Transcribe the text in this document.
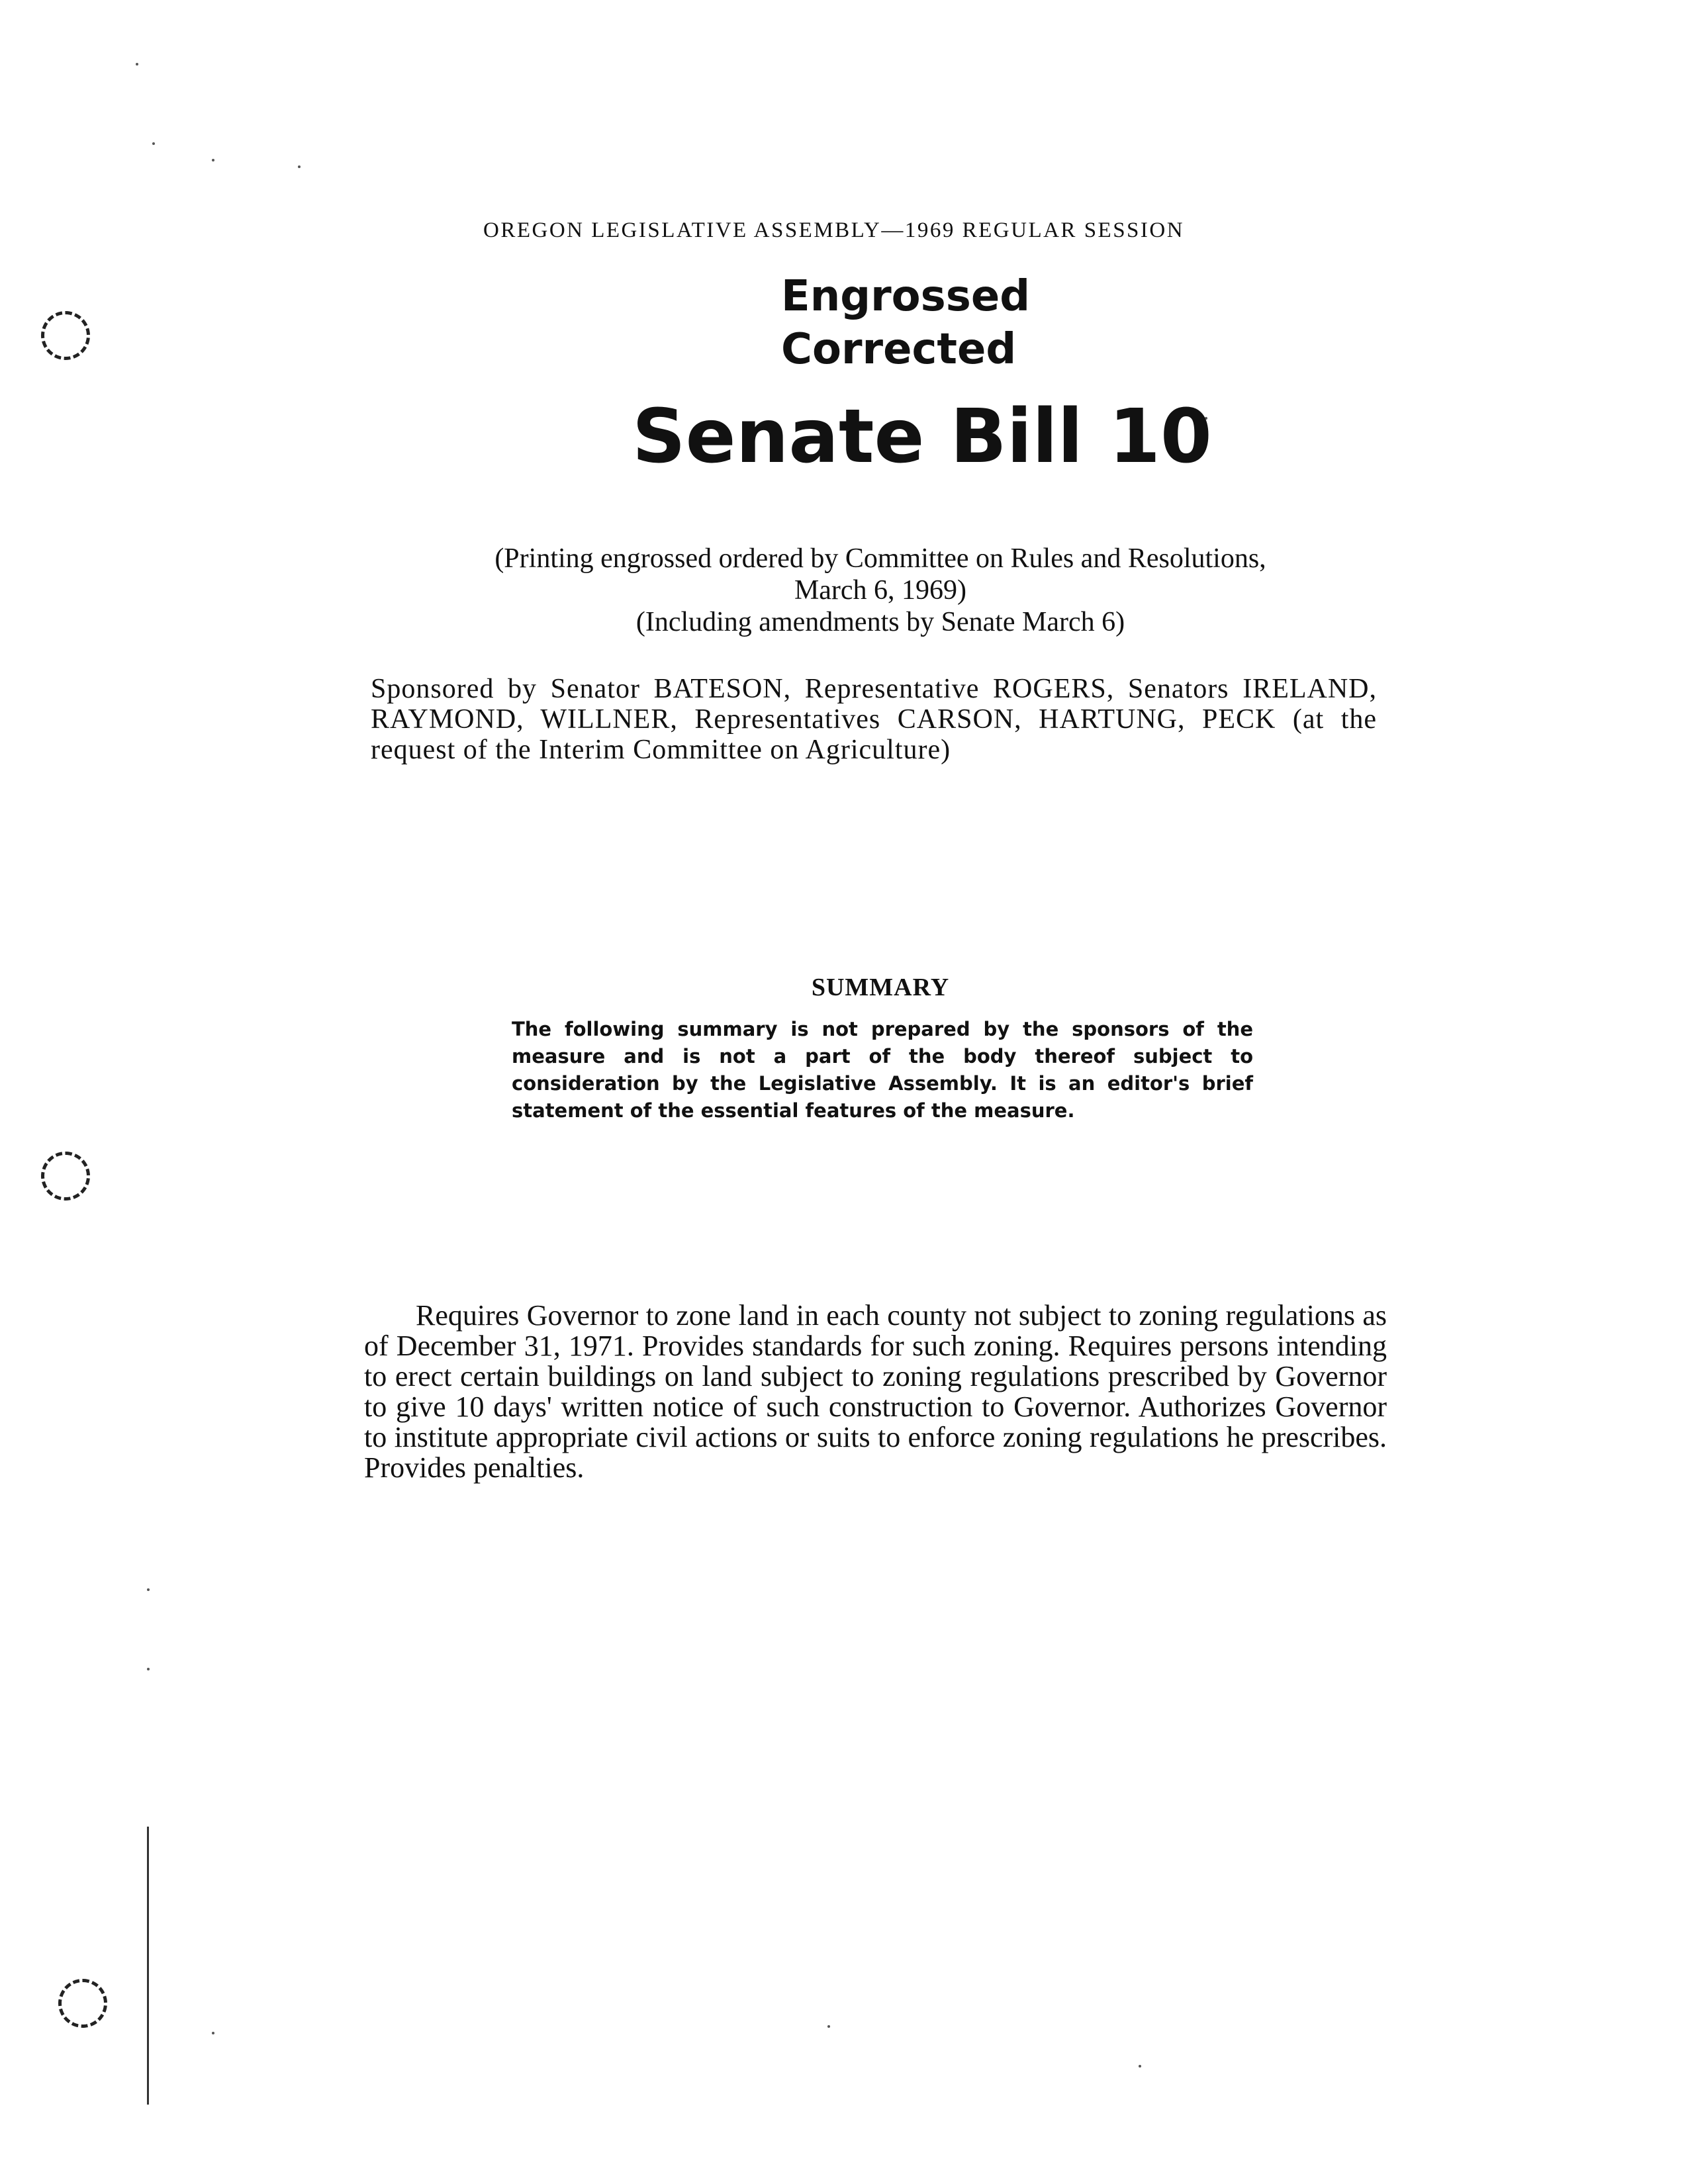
OREGON LEGISLATIVE ASSEMBLY—1969 REGULAR SESSION
Engrossed
Corrected
Senate Bill 10
(Printing engrossed ordered by Committee on Rules and Resolutions,
March 6, 1969)
(Including amendments by Senate March 6)
Sponsored by Senator BATESON, Representative ROGERS, Senators IRELAND, RAYMOND, WILLNER, Representatives CARSON, HARTUNG, PECK (at the request of the Interim Committee on Agriculture)
SUMMARY
The following summary is not prepared by the sponsors of the measure and is not a part of the body thereof subject to consideration by the Legislative Assembly. It is an editor's brief statement of the essential features of the measure.
Requires Governor to zone land in each county not subject to zoning regulations as of December 31, 1971. Provides standards for such zoning. Requires persons intending to erect certain buildings on land subject to zoning regulations prescribed by Governor to give 10 days' written notice of such construction to Governor. Authorizes Governor to institute appropriate civil actions or suits to enforce zoning regulations he prescribes. Provides penalties.
